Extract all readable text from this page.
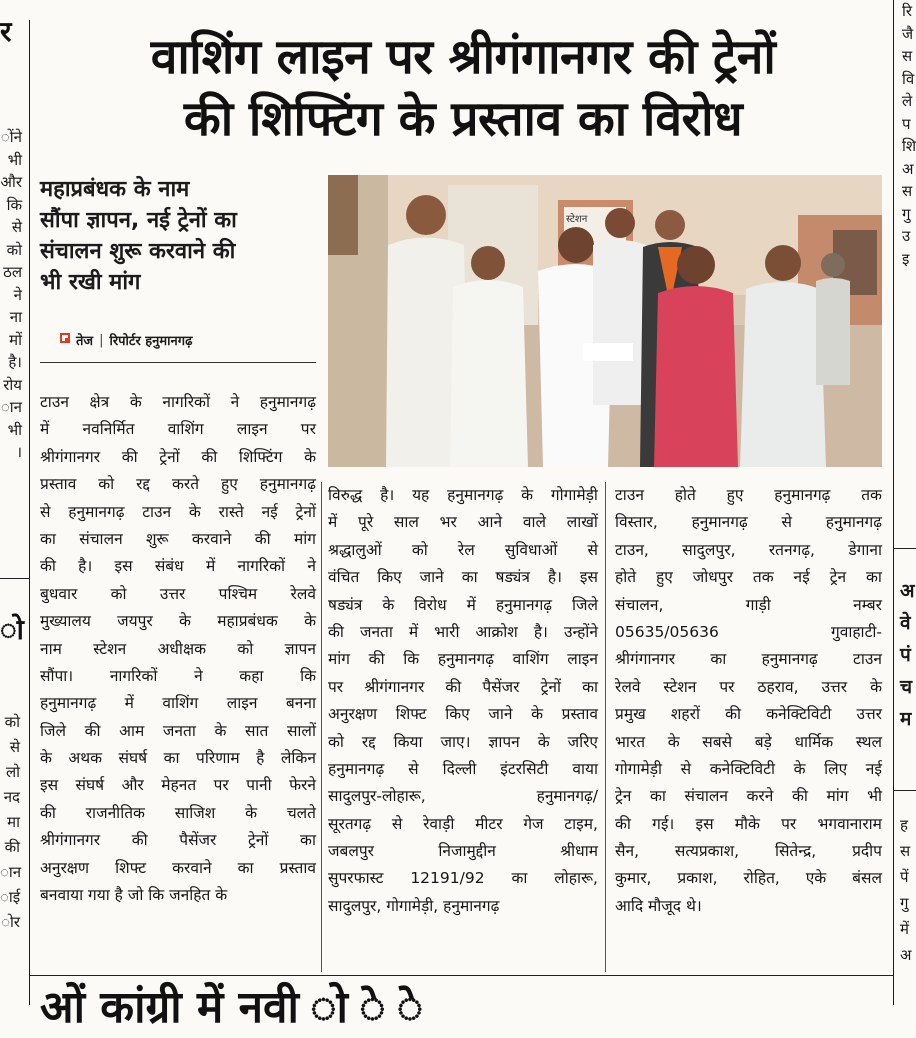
र
ोंने
भी
और
कि
से
को
ठल
ने
ना
मों
है।
रोय
ान
भी
।
ो
को
से
लो
नद
मा
की
ान
ाई
ोर
रि
जै
स
वि
ले
प
शि
अ
स
गु
उ
इ
अ
वे
पं
च
म
ह
स
पें
गु
में
अ
वाशिंग लाइन पर श्रीगंगानगर की ट्रेनों
की शिफ्टिंग के प्रस्ताव का विरोध
महाप्रबंधक के नाम
सौंपा ज्ञापन, नई ट्रेनों का
संचालन शुरू करवाने की
भी रखी मांग
तेज | रिपोर्टर हनुमानगढ़
स्टेशन
टाउन क्षेत्र के नागरिकों ने हनुमानगढ़
में नवनिर्मित वाशिंग लाइन पर
श्रीगंगानगर की ट्रेनों की शिफ्टिंग के
प्रस्ताव को रद्द करते हुए हनुमानगढ़
से हनुमानगढ़ टाउन के रास्ते नई ट्रेनों
का संचालन शुरू करवाने की मांग
की है। इस संबंध में नागरिकों ने
बुधवार को उत्तर पश्चिम रेलवे
मुख्यालय जयपुर के महाप्रबंधक के
नाम स्टेशन अधीक्षक को ज्ञापन
सौंपा। नागरिकों ने कहा कि
हनुमानगढ़ में वाशिंग लाइन बनना
जिले की आम जनता के सात सालों
के अथक संघर्ष का परिणाम है लेकिन
इस संघर्ष और मेहनत पर पानी फेरने
की राजनीतिक साजिश के चलते
श्रीगंगानगर की पैसेंजर ट्रेनों का
अनुरक्षण शिफ्ट करवाने का प्रस्ताव
बनवाया गया है जो कि जनहित के
विरुद्ध है। यह हनुमानगढ़ के गोगामेड़ी
में पूरे साल भर आने वाले लाखों
श्रद्धालुओं को रेल सुविधाओं से
वंचित किए जाने का षड्यंत्र है। इस
षड्यंत्र के विरोध में हनुमानगढ़ जिले
की जनता में भारी आक्रोश है। उन्होंने
मांग की कि हनुमानगढ़ वाशिंग लाइन
पर श्रीगंगानगर की पैसेंजर ट्रेनों का
अनुरक्षण शिफ्ट किए जाने के प्रस्ताव
को रद्द किया जाए। ज्ञापन के जरिए
हनुमानगढ़ से दिल्ली इंटरसिटी वाया
सादुलपुर-लोहारू,	हनुमानगढ़/
सूरतगढ़ से रेवाड़ी मीटर गेज टाइम,
जबलपुर	निजामुद्दीन	श्रीधाम
सुपरफास्ट 12191/92 का लोहारू,
सादुलपुर, गोगामेड़ी, हनुमानगढ़
टाउन होते हुए हनुमानगढ़ तक
विस्तार, हनुमानगढ़ से हनुमानगढ़
टाउन, सादुलपुर, रतनगढ़, डेगाना
होते हुए जोधपुर तक नई ट्रेन का
संचालन,	गाड़ी	नम्बर
05635/05636	गुवाहाटी-
श्रीगंगानगर का हनुमानगढ़ टाउन
रेलवे स्टेशन पर ठहराव, उत्तर के
प्रमुख शहरों की कनेक्टिविटी उत्तर
भारत के सबसे बड़े धार्मिक स्थल
गोगामेड़ी से कनेक्टिविटी के लिए नई
ट्रेन का संचालन करने की मांग भी
की गई। इस मौके पर भगवानाराम
सैन, सत्यप्रकाश, सितेन्द्र, प्रदीप
कुमार, प्रकाश, रोहित, एके बंसल
आदि मौजूद थे।
ओं कांग्री में नवी ो े े
